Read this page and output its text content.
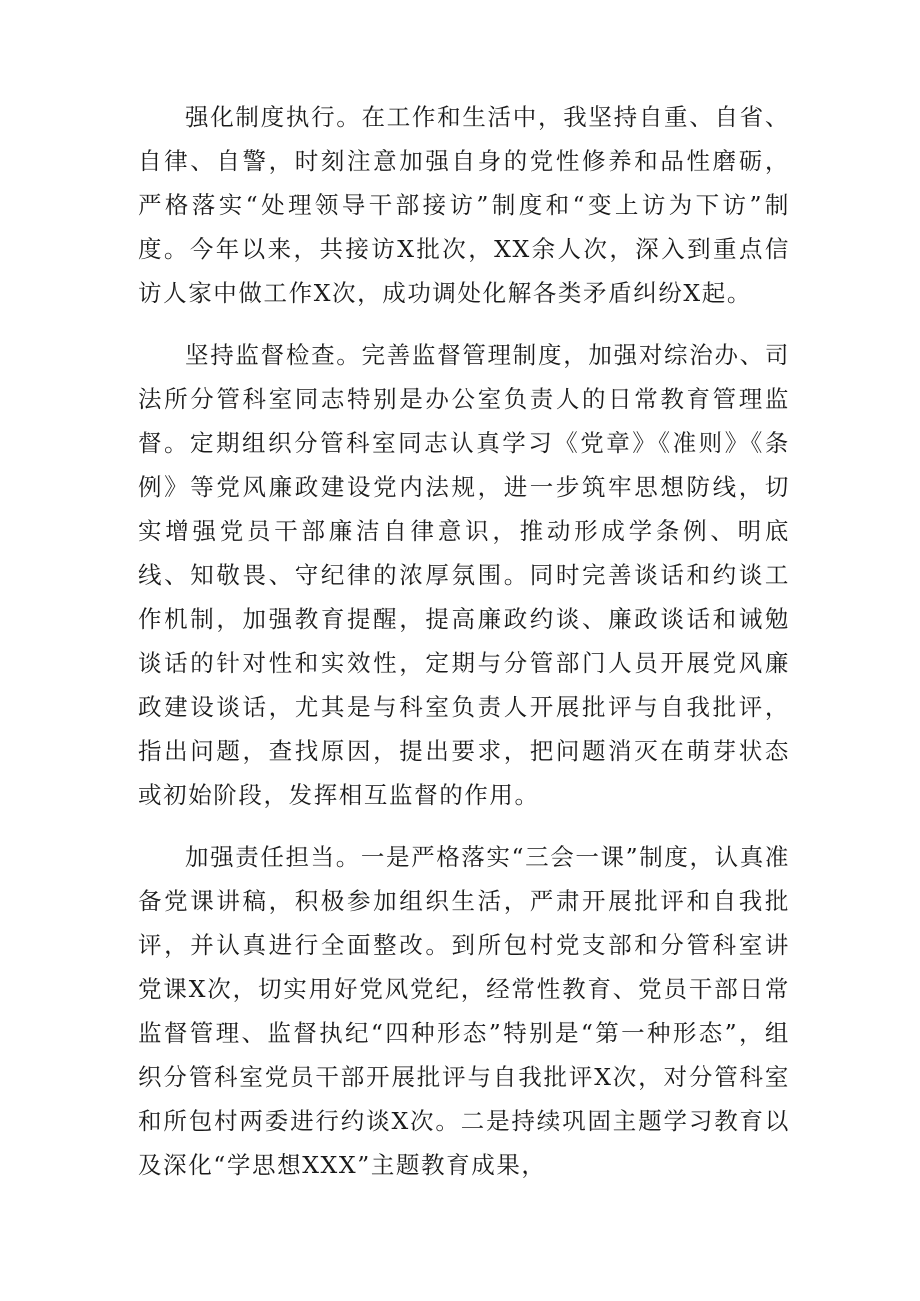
强化制度执行。在工作和生活中，我坚持自重、自省、自律、自警，时刻注意加强自身的党性修养和品性磨砺，严格落实“处理领导干部接访”制度和“变上访为下访”制度。今年以来，共接访X批次，XX余人次，深入到重点信访人家中做工作X次，成功调处化解各类矛盾纠纷X起。

坚持监督检查。完善监督管理制度，加强对综治办、司法所分管科室同志特别是办公室负责人的日常教育管理监督。定期组织分管科室同志认真学习《党章》《准则》《条例》等党风廉政建设党内法规，进一步筑牢思想防线，切实增强党员干部廉洁自律意识，推动形成学条例、明底线、知敬畏、守纪律的浓厚氛围。同时完善谈话和约谈工作机制，加强教育提醒，提高廉政约谈、廉政谈话和诫勉谈话的针对性和实效性，定期与分管部门人员开展党风廉政建设谈话，尤其是与科室负责人开展批评与自我批评，指出问题，查找原因，提出要求，把问题消灭在萌芽状态或初始阶段，发挥相互监督的作用。

加强责任担当。一是严格落实“三会一课”制度，认真准备党课讲稿，积极参加组织生活，严肃开展批评和自我批评，并认真进行全面整改。到所包村党支部和分管科室讲党课X次，切实用好党风党纪，经常性教育、党员干部日常监督管理、监督执纪“四种形态”特别是“第一种形态”，组织分管科室党员干部开展批评与自我批评X次，对分管科室和所包村两委进行约谈X次。二是持续巩固主题学习教育以及深化“学思想XXX”主题教育成果，
